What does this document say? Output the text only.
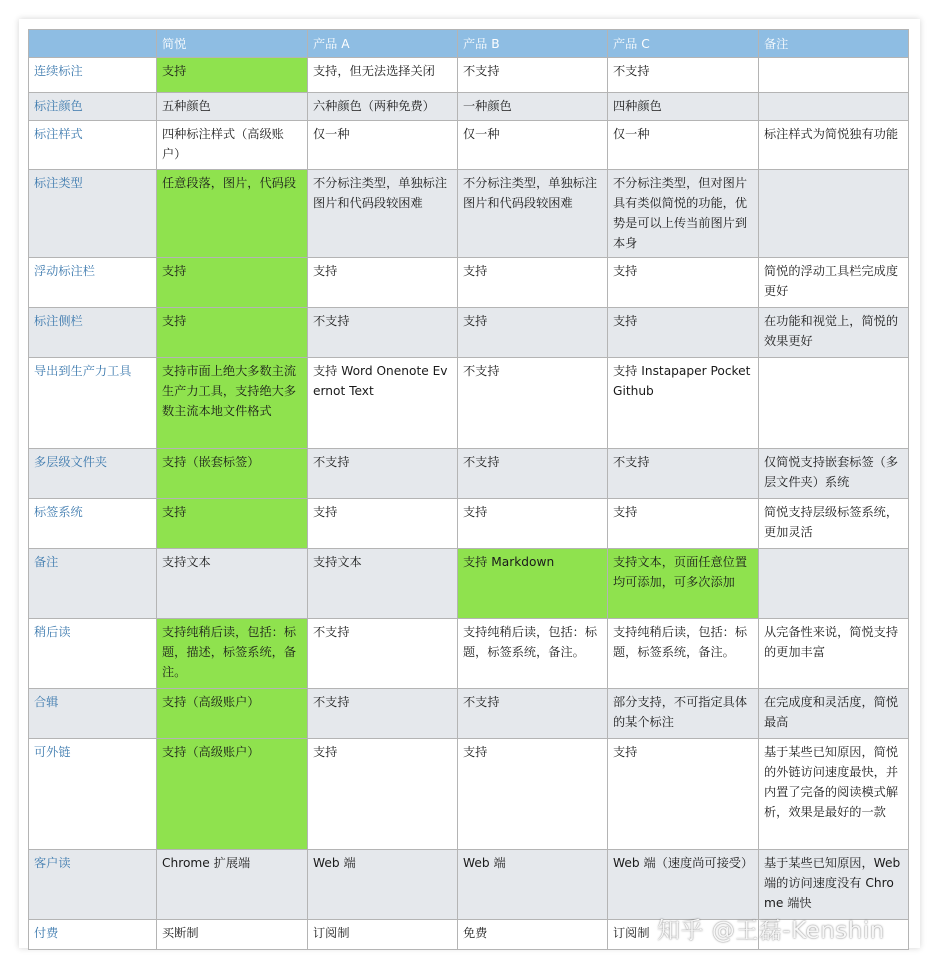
	简悦	产品 A	产品 B	产品 C	备注
连续标注	支持	支持，但无法选择关闭	不支持	不支持	
标注颜色	五种颜色	六种颜色（两种免费）	一种颜色	四种颜色	
标注样式	四种标注样式（高级账户）	仅一种	仅一种	仅一种	标注样式为简悦独有功能
标注类型	任意段落，图片，代码段	不分标注类型，单独标注图片和代码段较困难	不分标注类型，单独标注图片和代码段较困难	不分标注类型，但对图片具有类似简悦的功能，优势是可以上传当前图片到本身	
浮动标注栏	支持	支持	支持	支持	简悦的浮动工具栏完成度更好
标注侧栏	支持	不支持	支持	支持	在功能和视觉上，简悦的效果更好
导出到生产力工具	支持市面上绝大多数主流生产力工具，支持绝大多数主流本地文件格式	支持 Word Onenote Evernot Text	不支持	支持 Instapaper Pocket Github	
多层级文件夹	支持（嵌套标签）	不支持	不支持	不支持	仅简悦支持嵌套标签（多层文件夹）系统
标签系统	支持	支持	支持	支持	简悦支持层级标签系统，更加灵活
备注	支持文本	支持文本	支持 Markdown	支持文本，页面任意位置均可添加，可多次添加	
稍后读	支持纯稍后读，包括：标题，描述，标签系统，备注。	不支持	支持纯稍后读，包括：标题，标签系统，备注。	支持纯稍后读，包括：标题，标签系统，备注。	从完备性来说，简悦支持的更加丰富
合辑	支持（高级账户）	不支持	不支持	部分支持，不可指定具体的某个标注	在完成度和灵活度，简悦最高
可外链	支持（高级账户）	支持	支持	支持	基于某些已知原因，简悦的外链访问速度最快，并内置了完备的阅读模式解析，效果是最好的一款
客户读	Chrome 扩展端	Web 端	Web 端	Web 端（速度尚可接受）	基于某些已知原因，Web 端的访问速度没有 Chrome 端快
付费	买断制	订阅制	免费	订阅制	知乎 @王磊-Kenshin
